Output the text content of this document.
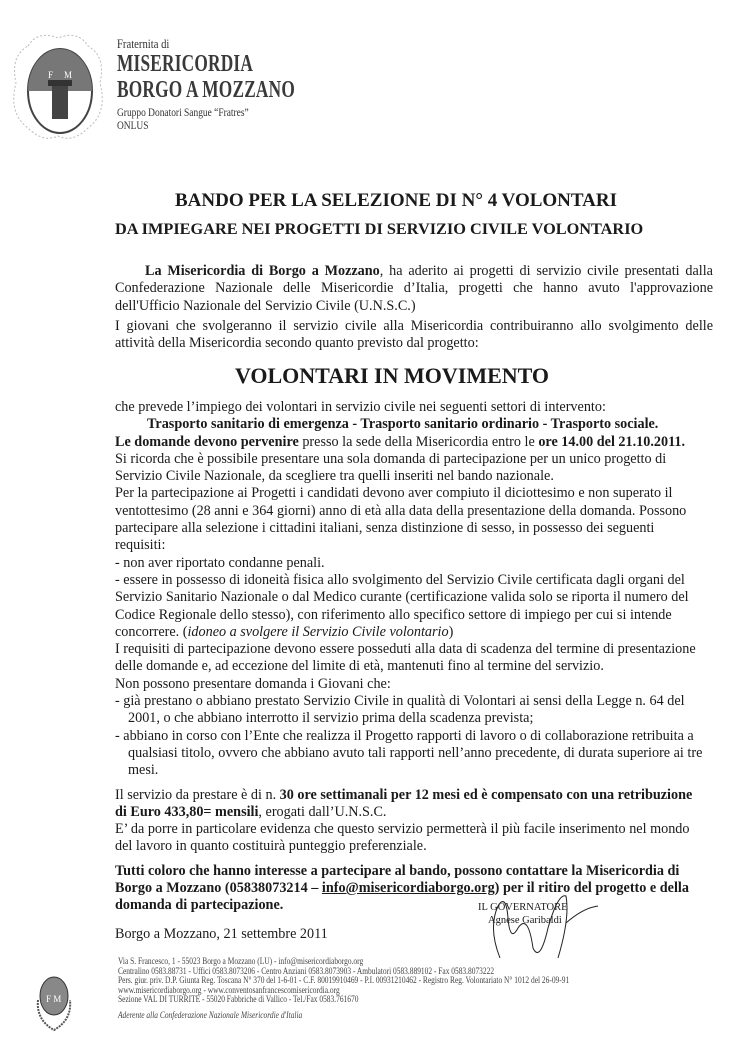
F M
Fraternita di
MISERICORDIA
BORGO A MOZZANO
Gruppo Donatori Sangue “Fratres”
ONLUS
BANDO PER LA SELEZIONE DI N° 4 VOLONTARI
DA IMPIEGARE NEI PROGETTI DI SERVIZIO CIVILE VOLONTARIO
La Misericordia di Borgo a Mozzano, ha aderito ai progetti di servizio civile presentati dalla
Confederazione Nazionale delle Misericordie d’Italia, progetti che hanno avuto l'approvazione
dell'Ufficio Nazionale del Servizio Civile (U.N.S.C.)
I giovani che svolgeranno il servizio civile alla Misericordia contribuiranno allo svolgimento delle
attività della Misericordia secondo quanto previsto dal progetto:
VOLONTARI IN MOVIMENTO
che prevede l’impiego dei volontari in servizio civile nei seguenti settori di intervento:
Trasporto sanitario di emergenza - Trasporto sanitario ordinario - Trasporto sociale.
Le domande devono pervenire presso la sede della Misericordia entro le ore 14.00 del 21.10.2011.
Si ricorda che è possibile presentare una sola domanda di partecipazione per un unico progetto di
Servizio Civile Nazionale, da scegliere tra quelli inseriti nel bando nazionale.
Per la partecipazione ai Progetti i candidati devono aver compiuto il diciottesimo e non superato il
ventottesimo (28 anni e 364 giorni) anno di età alla data della presentazione della domanda. Possono
partecipare alla selezione i cittadini italiani, senza distinzione di sesso, in possesso dei seguenti
requisiti:
- non aver riportato condanne penali.
- essere in possesso di idoneità fisica allo svolgimento del Servizio Civile certificata dagli organi del
Servizio Sanitario Nazionale o dal Medico curante (certificazione valida solo se riporta il numero del
Codice Regionale dello stesso), con riferimento allo specifico settore di impiego per cui si intende
concorrere. (idoneo a svolgere il Servizio Civile volontario)
I requisiti di partecipazione devono essere posseduti alla data di scadenza del termine di presentazione
delle domande e, ad eccezione del limite di età, mantenuti fino al termine del servizio.
Non possono presentare domanda i Giovani che:
- già prestano o abbiano prestato Servizio Civile in qualità di Volontari ai sensi della Legge n. 64 del
2001, o che abbiano interrotto il servizio prima della scadenza prevista;
- abbiano in corso con l’Ente che realizza il Progetto rapporti di lavoro o di collaborazione retribuita a
qualsiasi titolo, ovvero che abbiano avuto tali rapporti nell’anno precedente, di durata superiore ai tre
mesi.
Il servizio da prestare è di n. 30 ore settimanali per 12 mesi ed è compensato con una retribuzione
di Euro 433,80= mensili, erogati dall’U.N.S.C.
E’ da porre in particolare evidenza che questo servizio permetterà il più facile inserimento nel mondo
del lavoro in quanto costituirà punteggio preferenziale.
Tutti coloro che hanno interesse a partecipare al bando, possono contattare la Misericordia di
Borgo a Mozzano (05838073214 – info@misericordiaborgo.org) per il ritiro del progetto e della
domanda di partecipazione.
Borgo a Mozzano, 21 settembre 2011
IL GOVERNATORE
Agnese Garibaldi
F M
Via S. Francesco, 1 - 55023 Borgo a Mozzano (LU) - info@misericordiaborgo.org
Centralino 0583.88731 - Uffici 0583.8073206 - Centro Anziani 0583.8073903 - Ambulatori 0583.889102 - Fax 0583.8073222
Pers. giur. priv. D.P. Giunta Reg. Toscana N° 370 del 1-6-01 - C.F. 80019910469 - P.I. 00931210462 - Registro Reg. Volontariato N° 1012 del 26-09-91
www.misericordiaborgo.org - www.conventosanfrancescomisericordia.org
Sezione VAL DI TURRITE - 55020 Fabbriche di Vallico - Tel./Fax 0583.761670
Aderente alla Confederazione Nazionale Misericordie d'Italia
